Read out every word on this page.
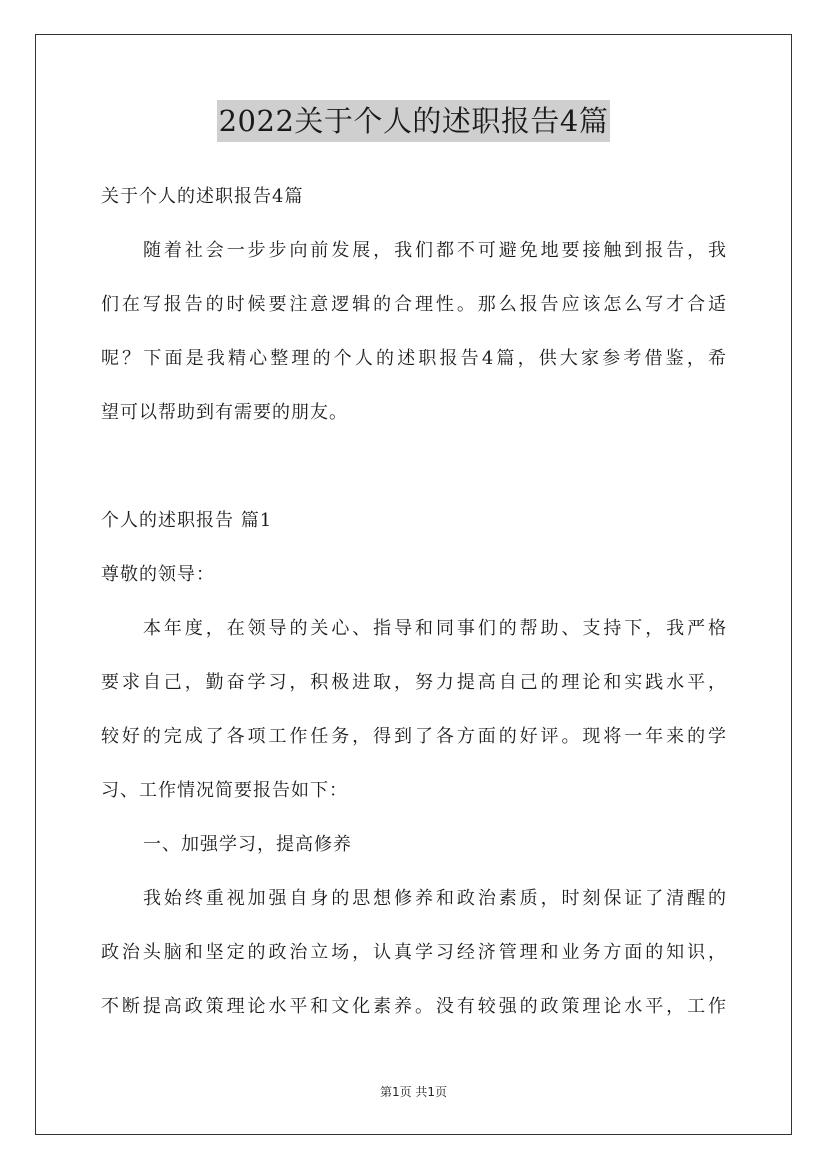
2022关于个人的述职报告4篇
关于个人的述职报告4篇
随着社会一步步向前发展，我们都不可避免地要接触到报告，我
们在写报告的时候要注意逻辑的合理性。那么报告应该怎么写才合适
呢？下面是我精心整理的个人的述职报告4篇，供大家参考借鉴，希
望可以帮助到有需要的朋友。
个人的述职报告 篇1
尊敬的领导：
本年度，在领导的关心、指导和同事们的帮助、支持下，我严格
要求自己，勤奋学习，积极进取，努力提高自己的理论和实践水平，
较好的完成了各项工作任务，得到了各方面的好评。现将一年来的学
习、工作情况简要报告如下：
一、加强学习，提高修养
我始终重视加强自身的思想修养和政治素质，时刻保证了清醒的
政治头脑和坚定的政治立场，认真学习经济管理和业务方面的知识，
不断提高政策理论水平和文化素养。没有较强的政策理论水平，工作
第1页 共1页
